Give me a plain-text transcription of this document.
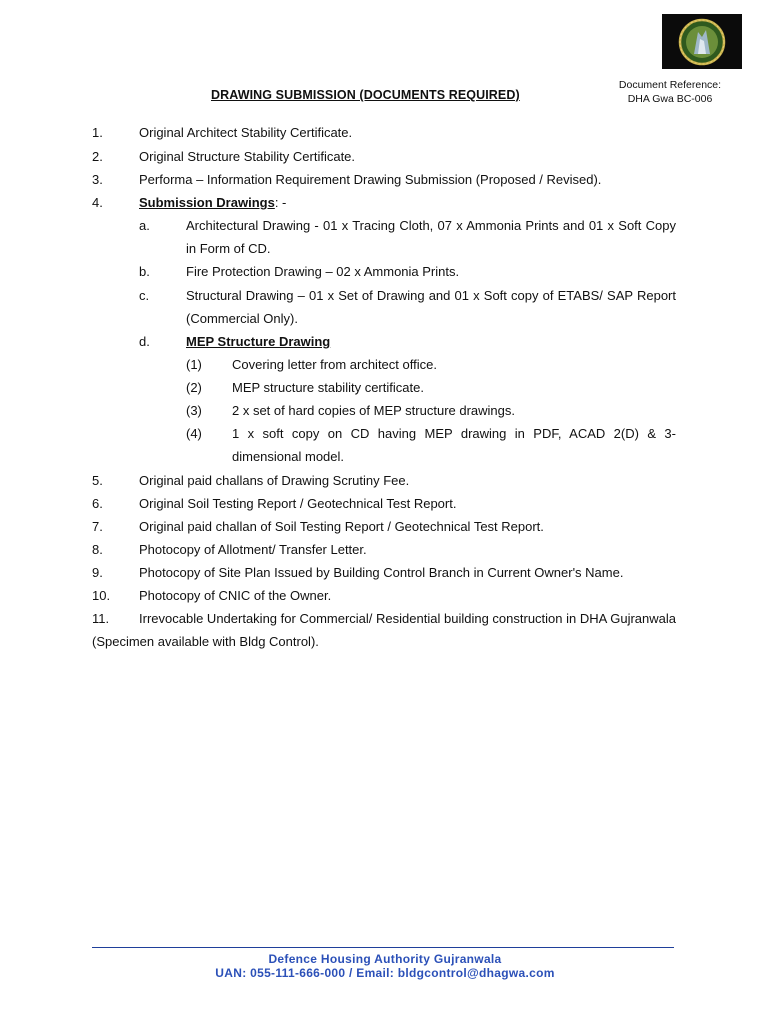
Document Reference:
DHA Gwa BC-006
DRAWING SUBMISSION (DOCUMENTS REQUIRED)
1.	Original Architect Stability Certificate.
2.	Original Structure Stability Certificate.
3.	Performa – Information Requirement Drawing Submission (Proposed / Revised).
4.	Submission Drawings: -
a.	Architectural Drawing - 01 x Tracing Cloth, 07 x Ammonia Prints and 01 x Soft Copy in Form of CD.
b.	Fire Protection Drawing – 02 x Ammonia Prints.
c.	Structural Drawing – 01 x Set of Drawing and 01 x Soft copy of ETABS/ SAP Report (Commercial Only).
d.	MEP Structure Drawing
(1) Covering letter from architect office.
(2) MEP structure stability certificate.
(3) 2 x set of hard copies of MEP structure drawings.
(4) 1 x soft copy on CD having MEP drawing in PDF, ACAD 2(D) & 3-dimensional model.
5.	Original paid challans of Drawing Scrutiny Fee.
6.	Original Soil Testing Report / Geotechnical Test Report.
7.	Original paid challan of Soil Testing Report / Geotechnical Test Report.
8.	Photocopy of Allotment/ Transfer Letter.
9.	Photocopy of Site Plan Issued by Building Control Branch in Current Owner's Name.
10. Photocopy of CNIC of the Owner.
11. Irrevocable Undertaking for Commercial/ Residential building construction in DHA Gujranwala (Specimen available with Bldg Control).
Defence Housing Authority Gujranwala
UAN: 055-111-666-000 / Email: bldgcontrol@dhagwa.com
